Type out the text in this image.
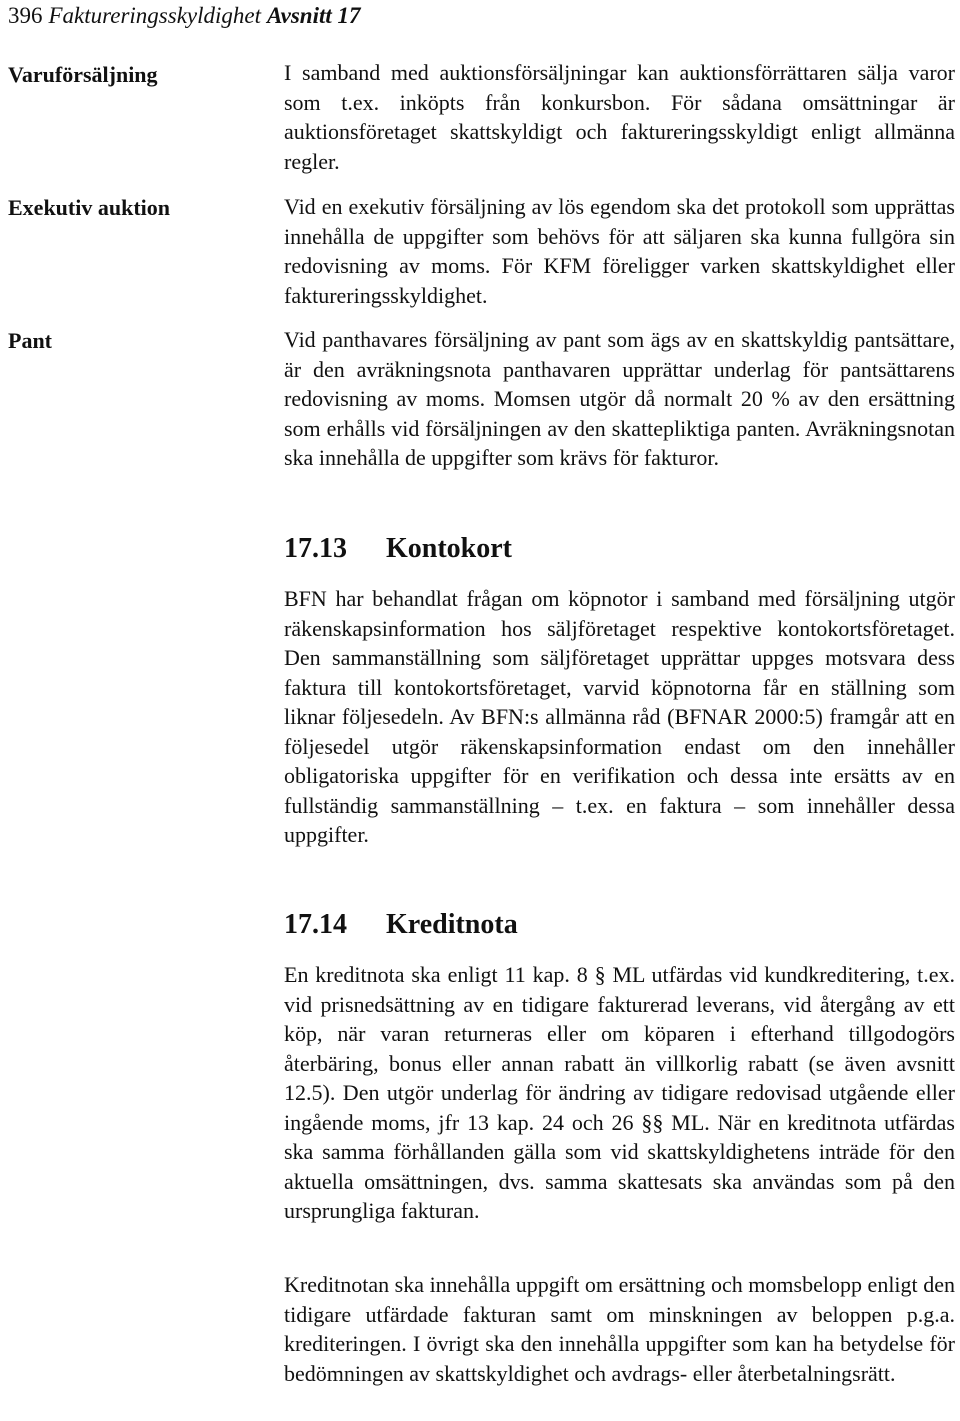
396 Faktureringsskyldighet Avsnitt 17
Varuförsäljning	I samband med auktionsförsäljningar kan auktionsförrättaren sälja varor som t.ex. inköpts från konkursbon. För sådana omsättningar är auktionsföretaget skattskyldigt och faktureringsskyldigt enligt allmänna regler.
Exekutiv auktion	Vid en exekutiv försäljning av lös egendom ska det protokoll som upprättas innehålla de uppgifter som behövs för att säljaren ska kunna fullgöra sin redovisning av moms. För KFM föreligger varken skattskyldighet eller faktureringsskyldighet.
Pant	Vid panthavares försäljning av pant som ägs av en skattskyldig pantsättare, är den avräkningsnota panthavaren upprättar underlag för pantsättarens redovisning av moms. Momsen utgör då normalt 20 % av den ersättning som erhålls vid försäljningen av den skattepliktiga panten. Avräkningsnotan ska innehålla de uppgifter som krävs för fakturor.
17.13 Kontokort
BFN har behandlat frågan om köpnotor i samband med försäljning utgör räkenskapsinformation hos säljföretaget respektive kontokortsföretaget. Den sammanställning som säljföretaget upprättar uppges motsvara dess faktura till kontokortsföretaget, varvid köpnotorna får en ställning som liknar följesedeln. Av BFN:s allmänna råd (BFNAR 2000:5) framgår att en följesedel utgör räkenskapsinformation endast om den innehåller obligatoriska uppgifter för en verifikation och dessa inte ersätts av en fullständig sammanställning – t.ex. en faktura – som innehåller dessa uppgifter.
17.14 Kreditnota
En kreditnota ska enligt 11 kap. 8 § ML utfärdas vid kundkreditering, t.ex. vid prisnedsättning av en tidigare fakturerad leverans, vid återgång av ett köp, när varan returneras eller om köparen i efterhand tillgodogörs återbäring, bonus eller annan rabatt än villkorlig rabatt (se även avsnitt 12.5). Den utgör underlag för ändring av tidigare redovisad utgående eller ingående moms, jfr 13 kap. 24 och 26 §§ ML. När en kreditnota utfärdas ska samma förhållanden gälla som vid skattskyldighetens inträde för den aktuella omsättningen, dvs. samma skattesats ska användas som på den ursprungliga fakturan.
Kreditnotan ska innehålla uppgift om ersättning och momsbelopp enligt den tidigare utfärdade fakturan samt om minskningen av beloppen p.g.a. krediteringen. I övrigt ska den innehålla uppgifter som kan ha betydelse för bedömningen av skattskyldighet och avdrags- eller återbetalningsrätt.
